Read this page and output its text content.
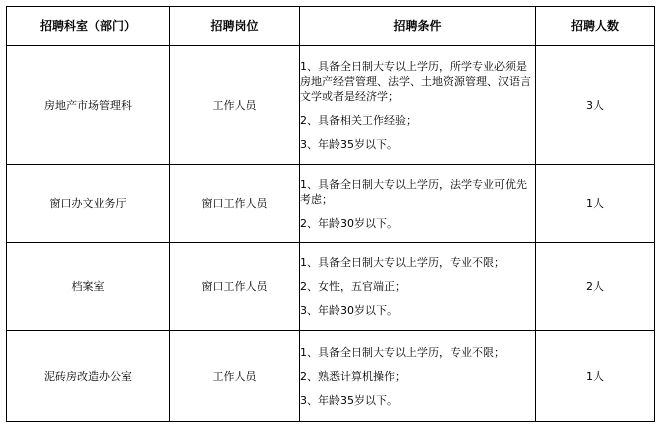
招聘科室（部门）	招聘岗位	招聘条件	招聘人数
房地产市场管理科	工作人员	1、具备全日制大专以上学历，所学专业必须是房地产经营管理、法学、土地资源管理、汉语言文学或者是经济学；

2、具备相关工作经验；

3、年龄35岁以下。	3人
窗口办文业务厅	窗口工作人员	1、具备全日制大专以上学历，法学专业可优先考虑；

2、年龄30岁以下。	1人
档案室	窗口工作人员	1、具备全日制大专以上学历，专业不限；

2、女性，五官端正；

3、年龄30岁以下。	2人
泥砖房改造办公室	工作人员	1、具备全日制大专以上学历，专业不限；

2、熟悉计算机操作；

3、年龄35岁以下。	1人
